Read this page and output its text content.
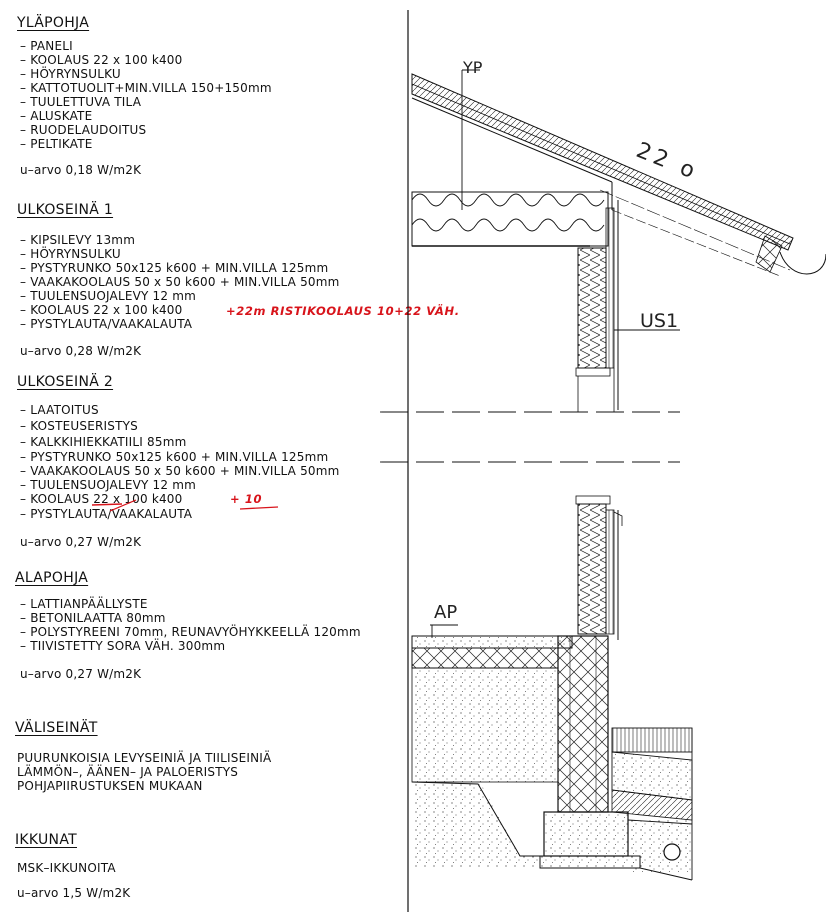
YLÄPOHJA
– PANELI
– KOOLAUS 22 x 100 k400
– HÖYRYNSULKU
– KATTOTUOLIT+MIN.VILLA 150+150mm
– TUULETTUVA TILA
– ALUSKATE
– RUODELAUDOITUS
– PELTIKATE
u–arvo 0,18 W/m2K
ULKOSEINÄ 1
– KIPSILEVY 13mm
– HÖYRYNSULKU
– PYSTYRUNKO 50x125 k600 + MIN.VILLA 125mm
– VAAKAKOOLAUS 50 x 50 k600 + MIN.VILLA 50mm
– TUULENSUOJALEVY 12 mm
– KOOLAUS 22 x 100 k400
– PYSTYLAUTA/VAAKALAUTA
+22m RISTIKOOLAUS 10+22 VÄH.
u–arvo 0,28 W/m2K
ULKOSEINÄ 2
– LAATOITUS
– KOSTEUSERISTYS
– KALKKIHIEKKATIILI 85mm
– PYSTYRUNKO 50x125 k600 + MIN.VILLA 125mm
– VAAKAKOOLAUS 50 x 50 k600 + MIN.VILLA 50mm
– TUULENSUOJALEVY 12 mm
– KOOLAUS 22 x 100 k400
– PYSTYLAUTA/VAAKALAUTA
+ 10
u–arvo 0,27 W/m2K
ALAPOHJA
– LATTIANPÄÄLLYSTE
– BETONILAATTA 80mm
– POLYSTYREENI 70mm, REUNAVYÖHYKKEELLÄ 120mm
– TIIVISTETTY SORA VÄH. 300mm
u–arvo 0,27 W/m2K
VÄLISEINÄT
PUURUNKOISIA LEVYSEINIÄ JA TIILISEINIÄ
LÄMMÖN–, ÄÄNEN– JA PALOERISTYS
POHJAPIIRUSTUKSEN MUKAAN
IKKUNAT
MSK–IKKUNOITA
u–arvo 1,5 W/m2K
YP
22 o
US1
AP
